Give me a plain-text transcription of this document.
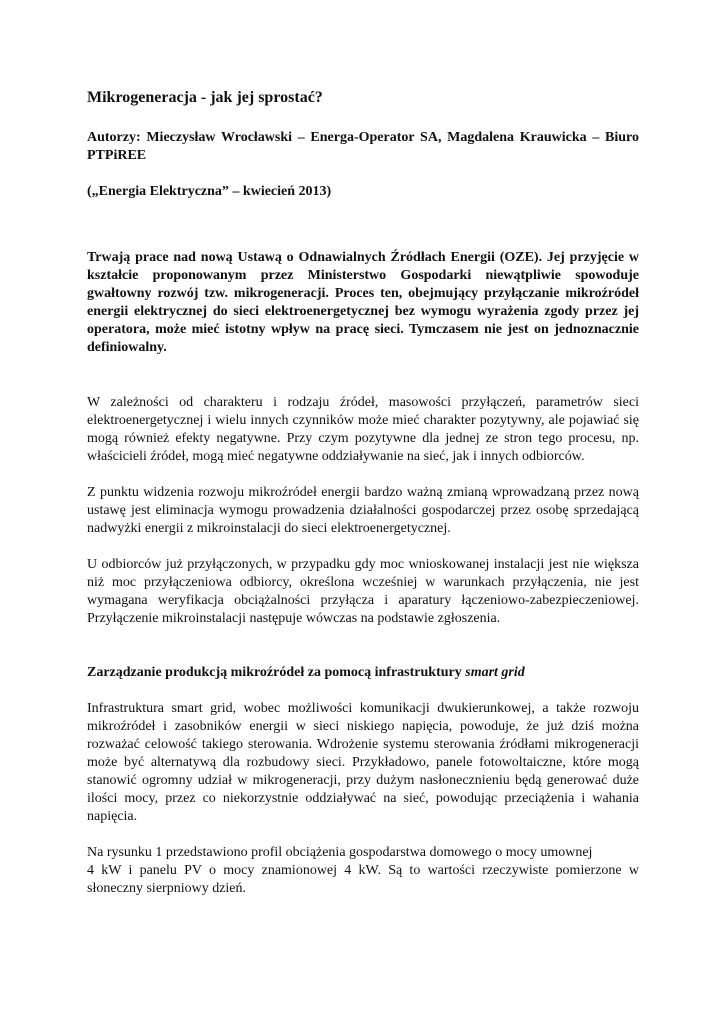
Mikrogeneracja - jak jej sprostać?

Autorzy: Mieczysław Wrocławski – Energa-Operator SA, Magdalena Krauwicka – Biuro PTPiREE

(„Energia Elektryczna” – kwiecień 2013)

Trwają prace nad nową Ustawą o Odnawialnych Źródłach Energii (OZE). Jej przyjęcie w kształcie proponowanym przez Ministerstwo Gospodarki niewątpliwie spowoduje gwałtowny rozwój tzw. mikrogeneracji. Proces ten, obejmujący przyłączanie mikroźródeł energii elektrycznej do sieci elektroenergetycznej bez wymogu wyrażenia zgody przez jej operatora, może mieć istotny wpływ na pracę sieci. Tymczasem nie jest on jednoznacznie definiowalny.

W zależności od charakteru i rodzaju źródeł, masowości przyłączeń, parametrów sieci elektroenergetycznej i wielu innych czynników może mieć charakter pozytywny, ale pojawiać się mogą również efekty negatywne. Przy czym pozytywne dla jednej ze stron tego procesu, np. właścicieli źródeł, mogą mieć negatywne oddziaływanie na sieć, jak i innych odbiorców.

Z punktu widzenia rozwoju mikroźródeł energii bardzo ważną zmianą wprowadzaną przez nową ustawę jest eliminacja wymogu prowadzenia działalności gospodarczej przez osobę sprzedającą nadwyżki energii z mikroinstalacji do sieci elektroenergetycznej.

U odbiorców już przyłączonych, w przypadku gdy moc wnioskowanej instalacji jest nie większa niż moc przyłączeniowa odbiorcy, określona wcześniej w warunkach przyłączenia, nie jest wymagana weryfikacja obciążalności przyłącza i aparatury łączeniowo-zabezpieczeniowej. Przyłączenie mikroinstalacji następuje wówczas na podstawie zgłoszenia.

Zarządzanie produkcją mikroźródeł za pomocą infrastruktury smart grid

Infrastruktura smart grid, wobec możliwości komunikacji dwukierunkowej, a także rozwoju mikroźródeł i zasobników energii w sieci niskiego napięcia, powoduje, że już dziś można rozważać celowość takiego sterowania. Wdrożenie systemu sterowania źródłami mikrogeneracji może być alternatywą dla rozbudowy sieci. Przykładowo, panele fotowoltaiczne, które mogą stanowić ogromny udział w mikrogeneracji, przy dużym nasłonecznieniu będą generować duże ilości mocy, przez co niekorzystnie oddziaływać na sieć, powodując przeciążenia i wahania napięcia.

Na rysunku 1 przedstawiono profil obciążenia gospodarstwa domowego o mocy umownej
4 kW i panelu PV o mocy znamionowej 4 kW. Są to wartości rzeczywiste pomierzone w słoneczny sierpniowy dzień.
